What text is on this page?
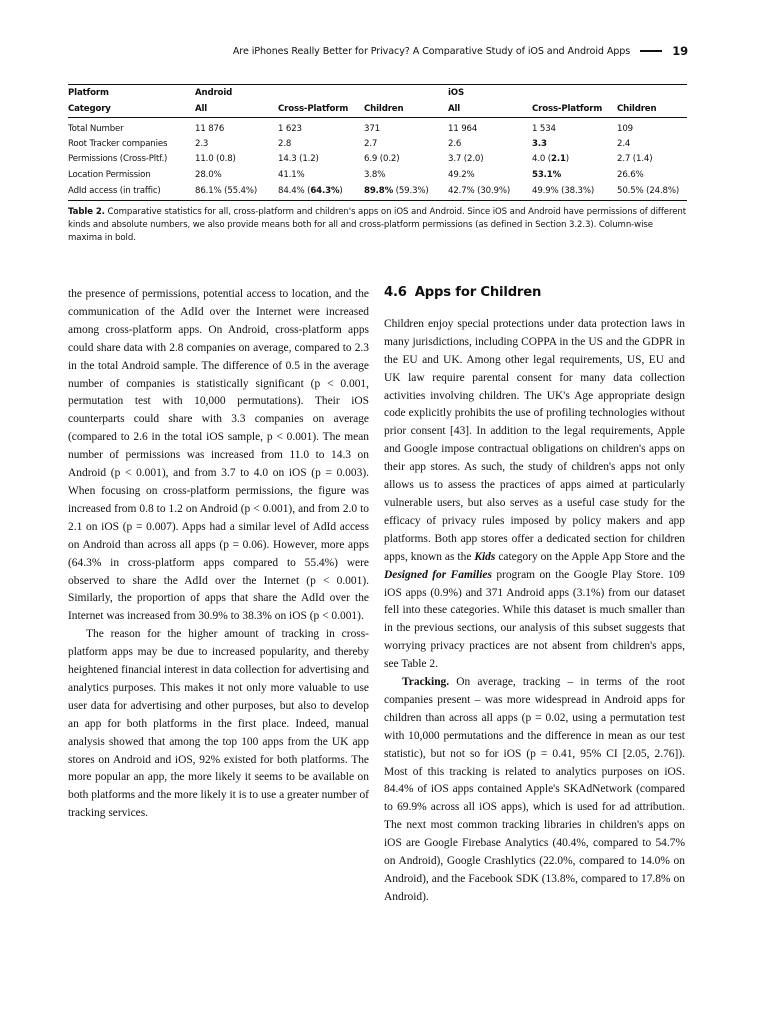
Are iPhones Really Better for Privacy? A Comparative Study of iOS and Android Apps	19
Platform	Android			iOS		
Category	All	Cross-Platform	Children	All	Cross-Platform	Children
Total Number	11 876	1 623	371	11 964	1 534	109
Root Tracker companies	2.3	2.8	2.7	2.6	3.3	2.4
Permissions (Cross-Pltf.)	11.0 (0.8)	14.3 (1.2)	6.9 (0.2)	3.7 (2.0)	4.0 (2.1)	2.7 (1.4)
Location Permission	28.0%	41.1%	3.8%	49.2%	53.1%	26.6%
AdId access (in traffic)	86.1% (55.4%)	84.4% (64.3%)	89.8% (59.3%)	42.7% (30.9%)	49.9% (38.3%)	50.5% (24.8%)

Table 2. Comparative statistics for all, cross-platform and children's apps on iOS and Android. Since iOS and Android have permissions of different kinds and absolute numbers, we also provide means both for all and cross-platform permissions (as defined in Section 3.2.3). Column-wise maxima in bold.

the presence of permissions, potential access to location, and the communication of the AdId over the Internet were increased among cross-platform apps. On Android, cross-platform apps could share data with 2.8 companies on average, compared to 2.3 in the total Android sample. The difference of 0.5 in the average number of companies is statistically significant (p < 0.001, permutation test with 10,000 permutations). Their iOS counterparts could share with 3.3 companies on average (compared to 2.6 in the total iOS sample, p < 0.001). The mean number of permissions was increased from 11.0 to 14.3 on Android (p < 0.001), and from 3.7 to 4.0 on iOS (p = 0.003). When focusing on cross-platform permissions, the figure was increased from 0.8 to 1.2 on Android (p < 0.001), and from 2.0 to 2.1 on iOS (p = 0.007). Apps had a similar level of AdId access on Android than across all apps (p = 0.06). However, more apps (64.3% in cross-platform apps compared to 55.4%) were observed to share the AdId over the Internet (p < 0.001). Similarly, the proportion of apps that share the AdId over the Internet was increased from 30.9% to 38.3% on iOS (p < 0.001).

The reason for the higher amount of tracking in cross-platform apps may be due to increased popularity, and thereby heightened financial interest in data collection for advertising and analytics purposes. This makes it not only more valuable to use user data for advertising and other purposes, but also to develop an app for both platforms in the first place. Indeed, manual analysis showed that among the top 100 apps from the UK app stores on Android and iOS, 92% existed for both platforms. The more popular an app, the more likely it seems to be available on both platforms and the more likely it is to use a greater number of tracking services.

4.6 Apps for Children

Children enjoy special protections under data protection laws in many jurisdictions, including COPPA in the US and the GDPR in the EU and UK. Among other legal requirements, US, EU and UK law require parental consent for many data collection activities involving children. The UK's Age appropriate design code explicitly prohibits the use of profiling technologies without prior consent [43]. In addition to the legal requirements, Apple and Google impose contractual obligations on children's apps on their app stores. As such, the study of children's apps not only allows us to assess the practices of apps aimed at particularly vulnerable users, but also serves as a useful case study for the efficacy of privacy rules imposed by policy makers and app platforms. Both app stores offer a dedicated section for children apps, known as the Kids category on the Apple App Store and the Designed for Families program on the Google Play Store. 109 iOS apps (0.9%) and 371 Android apps (3.1%) from our dataset fell into these categories. While this dataset is much smaller than in the previous sections, our analysis of this subset suggests that worrying privacy practices are not absent from children's apps, see Table 2.

Tracking. On average, tracking – in terms of the root companies present – was more widespread in Android apps for children than across all apps (p = 0.02, using a permutation test with 10,000 permutations and the difference in mean as our test statistic), but not so for iOS (p = 0.41, 95% CI [2.05, 2.76]). Most of this tracking is related to analytics purposes on iOS. 84.4% of iOS apps contained Apple's SKAdNetwork (compared to 69.9% across all iOS apps), which is used for ad attribution. The next most common tracking libraries in children's apps on iOS are Google Firebase Analytics (40.4%, compared to 54.7% on Android), Google Crashlytics (22.0%, compared to 14.0% on Android), and the Facebook SDK (13.8%, compared to 17.8% on Android).
